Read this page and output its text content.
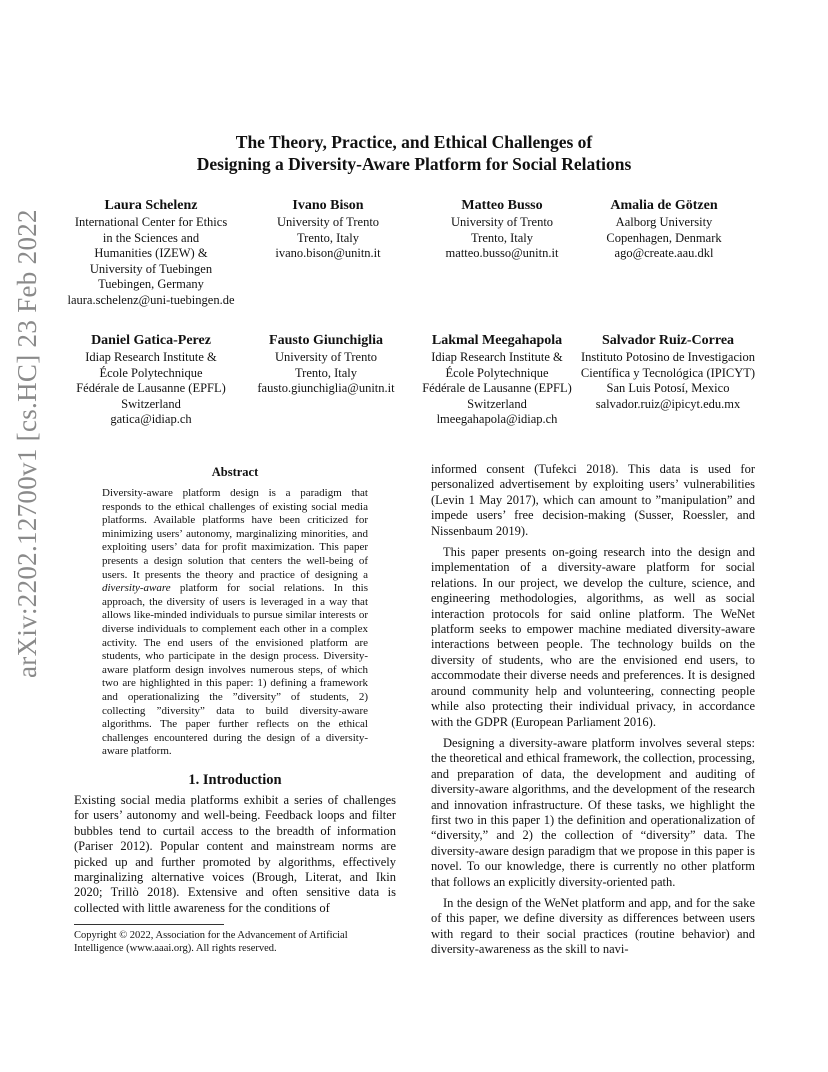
The Theory, Practice, and Ethical Challenges of
Designing a Diversity-Aware Platform for Social Relations
Laura Schelenz
International Center for Ethics
in the Sciences and
Humanities (IZEW) &
University of Tuebingen
Tuebingen, Germany
laura.schelenz@uni-tuebingen.de
Ivano Bison
University of Trento
Trento, Italy
ivano.bison@unitn.it
Matteo Busso
University of Trento
Trento, Italy
matteo.busso@unitn.it
Amalia de Götzen
Aalborg University
Copenhagen, Denmark
ago@create.aau.dkl
Daniel Gatica-Perez
Idiap Research Institute &
École Polytechnique
Fédérale de Lausanne (EPFL)
Switzerland
gatica@idiap.ch
Fausto Giunchiglia
University of Trento
Trento, Italy
fausto.giunchiglia@unitn.it
Lakmal Meegahapola
Idiap Research Institute &
École Polytechnique
Fédérale de Lausanne (EPFL)
Switzerland
lmeegahapola@idiap.ch
Salvador Ruiz-Correa
Instituto Potosino de Investigacion
Científica y Tecnológica (IPICYT)
San Luis Potosí, Mexico
salvador.ruiz@ipicyt.edu.mx
arXiv:2202.12700v1 [cs.HC] 23 Feb 2022	Abstract

Diversity-aware platform design is a paradigm that responds to the ethical challenges of existing social media platforms. Available platforms have been criticized for minimizing users’ autonomy, marginalizing minorities, and exploiting users’ data for profit maximization. This paper presents a design solution that centers the well-being of users. It presents the theory and practice of designing a diversity-aware platform for social relations. In this approach, the diversity of users is leveraged in a way that allows like-minded individuals to pursue similar interests or diverse individuals to complement each other in a complex activity. The end users of the envisioned platform are students, who participate in the design process. Diversity-aware platform design involves numerous steps, of which two are highlighted in this paper: 1) defining a framework and operationalizing the ”diversity” of students, 2) collecting ”diversity” data to build diversity-aware algorithms. The paper further reflects on the ethical challenges encountered during the design of a diversity-aware platform.

1. Introduction

Existing social media platforms exhibit a series of challenges for users’ autonomy and well-being. Feedback loops and filter bubbles tend to curtail access to the breadth of information (Pariser 2012). Popular content and mainstream norms are picked up and further promoted by algorithms, effectively marginalizing alternative voices (Brough, Literat, and Ikin 2020; Trillò 2018). Extensive and often sensitive data is collected with little awareness for the conditions of

Copyright © 2022, Association for the Advancement of Artificial Intelligence (www.aaai.org). All rights reserved.

informed consent (Tufekci 2018). This data is used for personalized advertisement by exploiting users’ vulnerabilities (Levin 1 May 2017), which can amount to ”manipulation” and impede users’ free decision-making (Susser, Roessler, and Nissenbaum 2019).

This paper presents on-going research into the design and implementation of a diversity-aware platform for social relations. In our project, we develop the culture, science, and engineering methodologies, algorithms, as well as social interaction protocols for said online platform. The WeNet platform seeks to empower machine mediated diversity-aware interactions between people. The technology builds on the diversity of students, who are the envisioned end users, to accommodate their diverse needs and preferences. It is designed around community help and volunteering, connecting people while also protecting their individual privacy, in accordance with the GDPR (European Parliament 2016).

Designing a diversity-aware platform involves several steps: the theoretical and ethical framework, the collection, processing, and preparation of data, the development and auditing of diversity-aware algorithms, and the development of the research and innovation infrastructure. Of these tasks, we highlight the first two in this paper 1) the definition and operationalization of “diversity,” and 2) the collection of “diversity” data. The diversity-aware design paradigm that we propose in this paper is novel. To our knowledge, there is currently no other platform that follows an explicitly diversity-oriented path.

In the design of the WeNet platform and app, and for the sake of this paper, we define diversity as differences between users with regard to their social practices (routine behavior) and diversity-awareness as the skill to navi-
